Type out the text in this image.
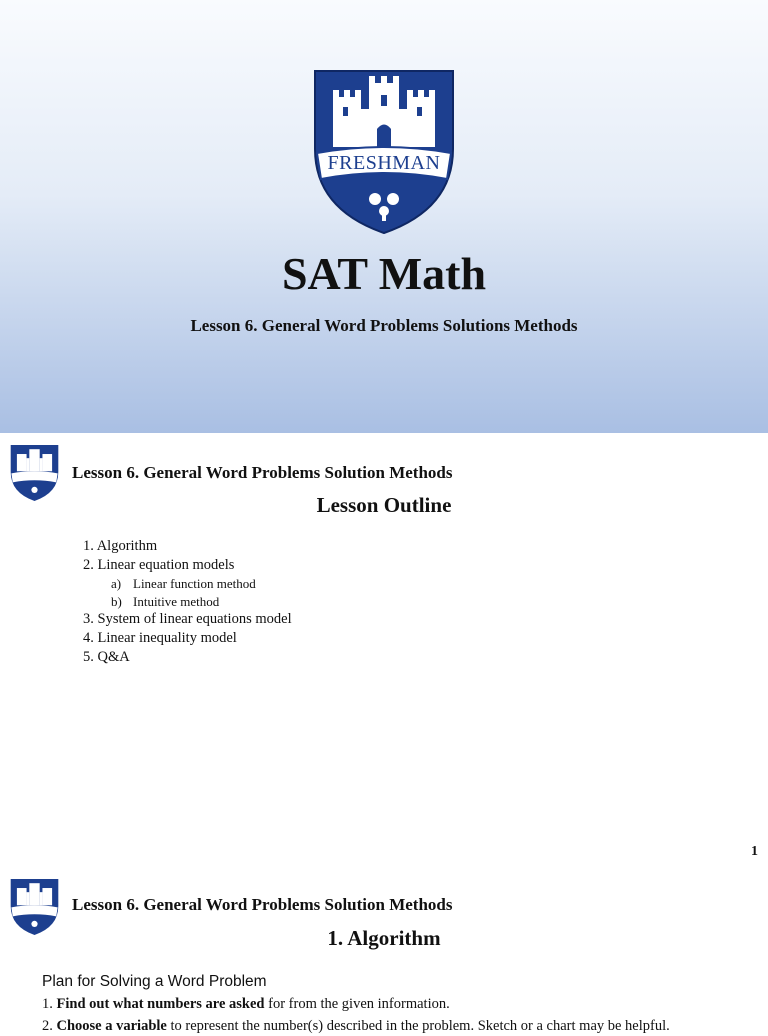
FRESHMAN
SAT Math
Lesson 6. General Word Problems Solutions Methods
Lesson 6. General Word Problems Solution Methods
Lesson Outline
1. Algorithm
2. Linear equation models
a) Linear function method
b) Intuitive method
3. System of linear equations model
4. Linear inequality model
5. Q&A
1
Lesson 6. General Word Problems Solution Methods
1. Algorithm
Plan for Solving a Word Problem
1. Find out what numbers are asked for from the given information.
2. Choose a variable to represent the number(s) described in the problem. Sketch or a chart may be helpful.
